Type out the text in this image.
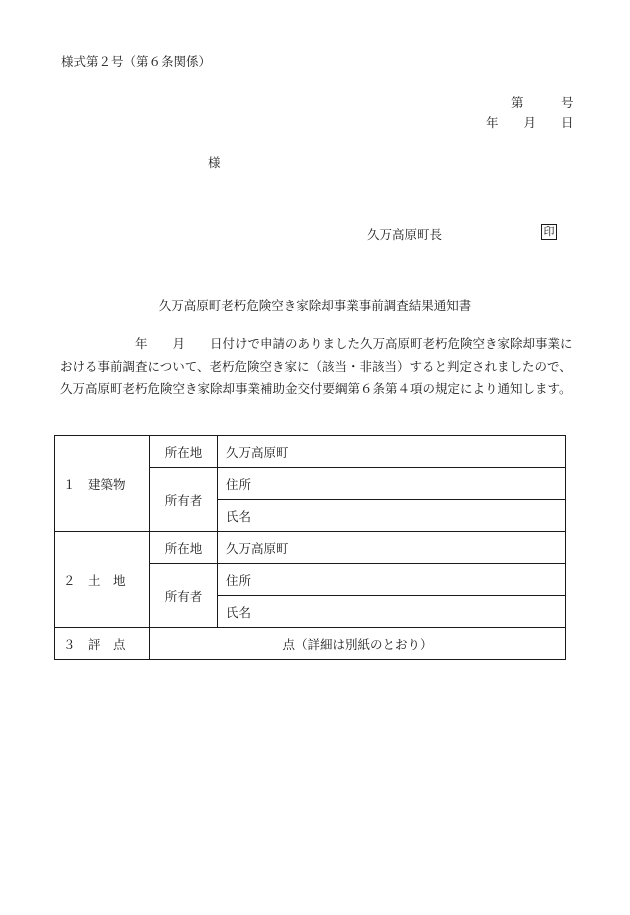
様式第２号（第６条関係）
第　　　号
年　　月　　日
様
久万高原町長	印
久万高原町老朽危険空き家除却事業事前調査結果通知書

年　　月　　日付けで申請のありました久万高原町老朽危険空き家除却事業に

おける事前調査について、老朽危険空き家に（該当・非該当）すると判定されましたので、

久万高原町老朽危険空き家除却事業補助金交付要綱第６条第４項の規定により通知します。

１　建築物	所在地	久万高原町
	所有者	住所
		氏名
２　土　地	所在地	久万高原町
	所有者	住所
		氏名
３　評　点	点（詳細は別紙のとおり）	
